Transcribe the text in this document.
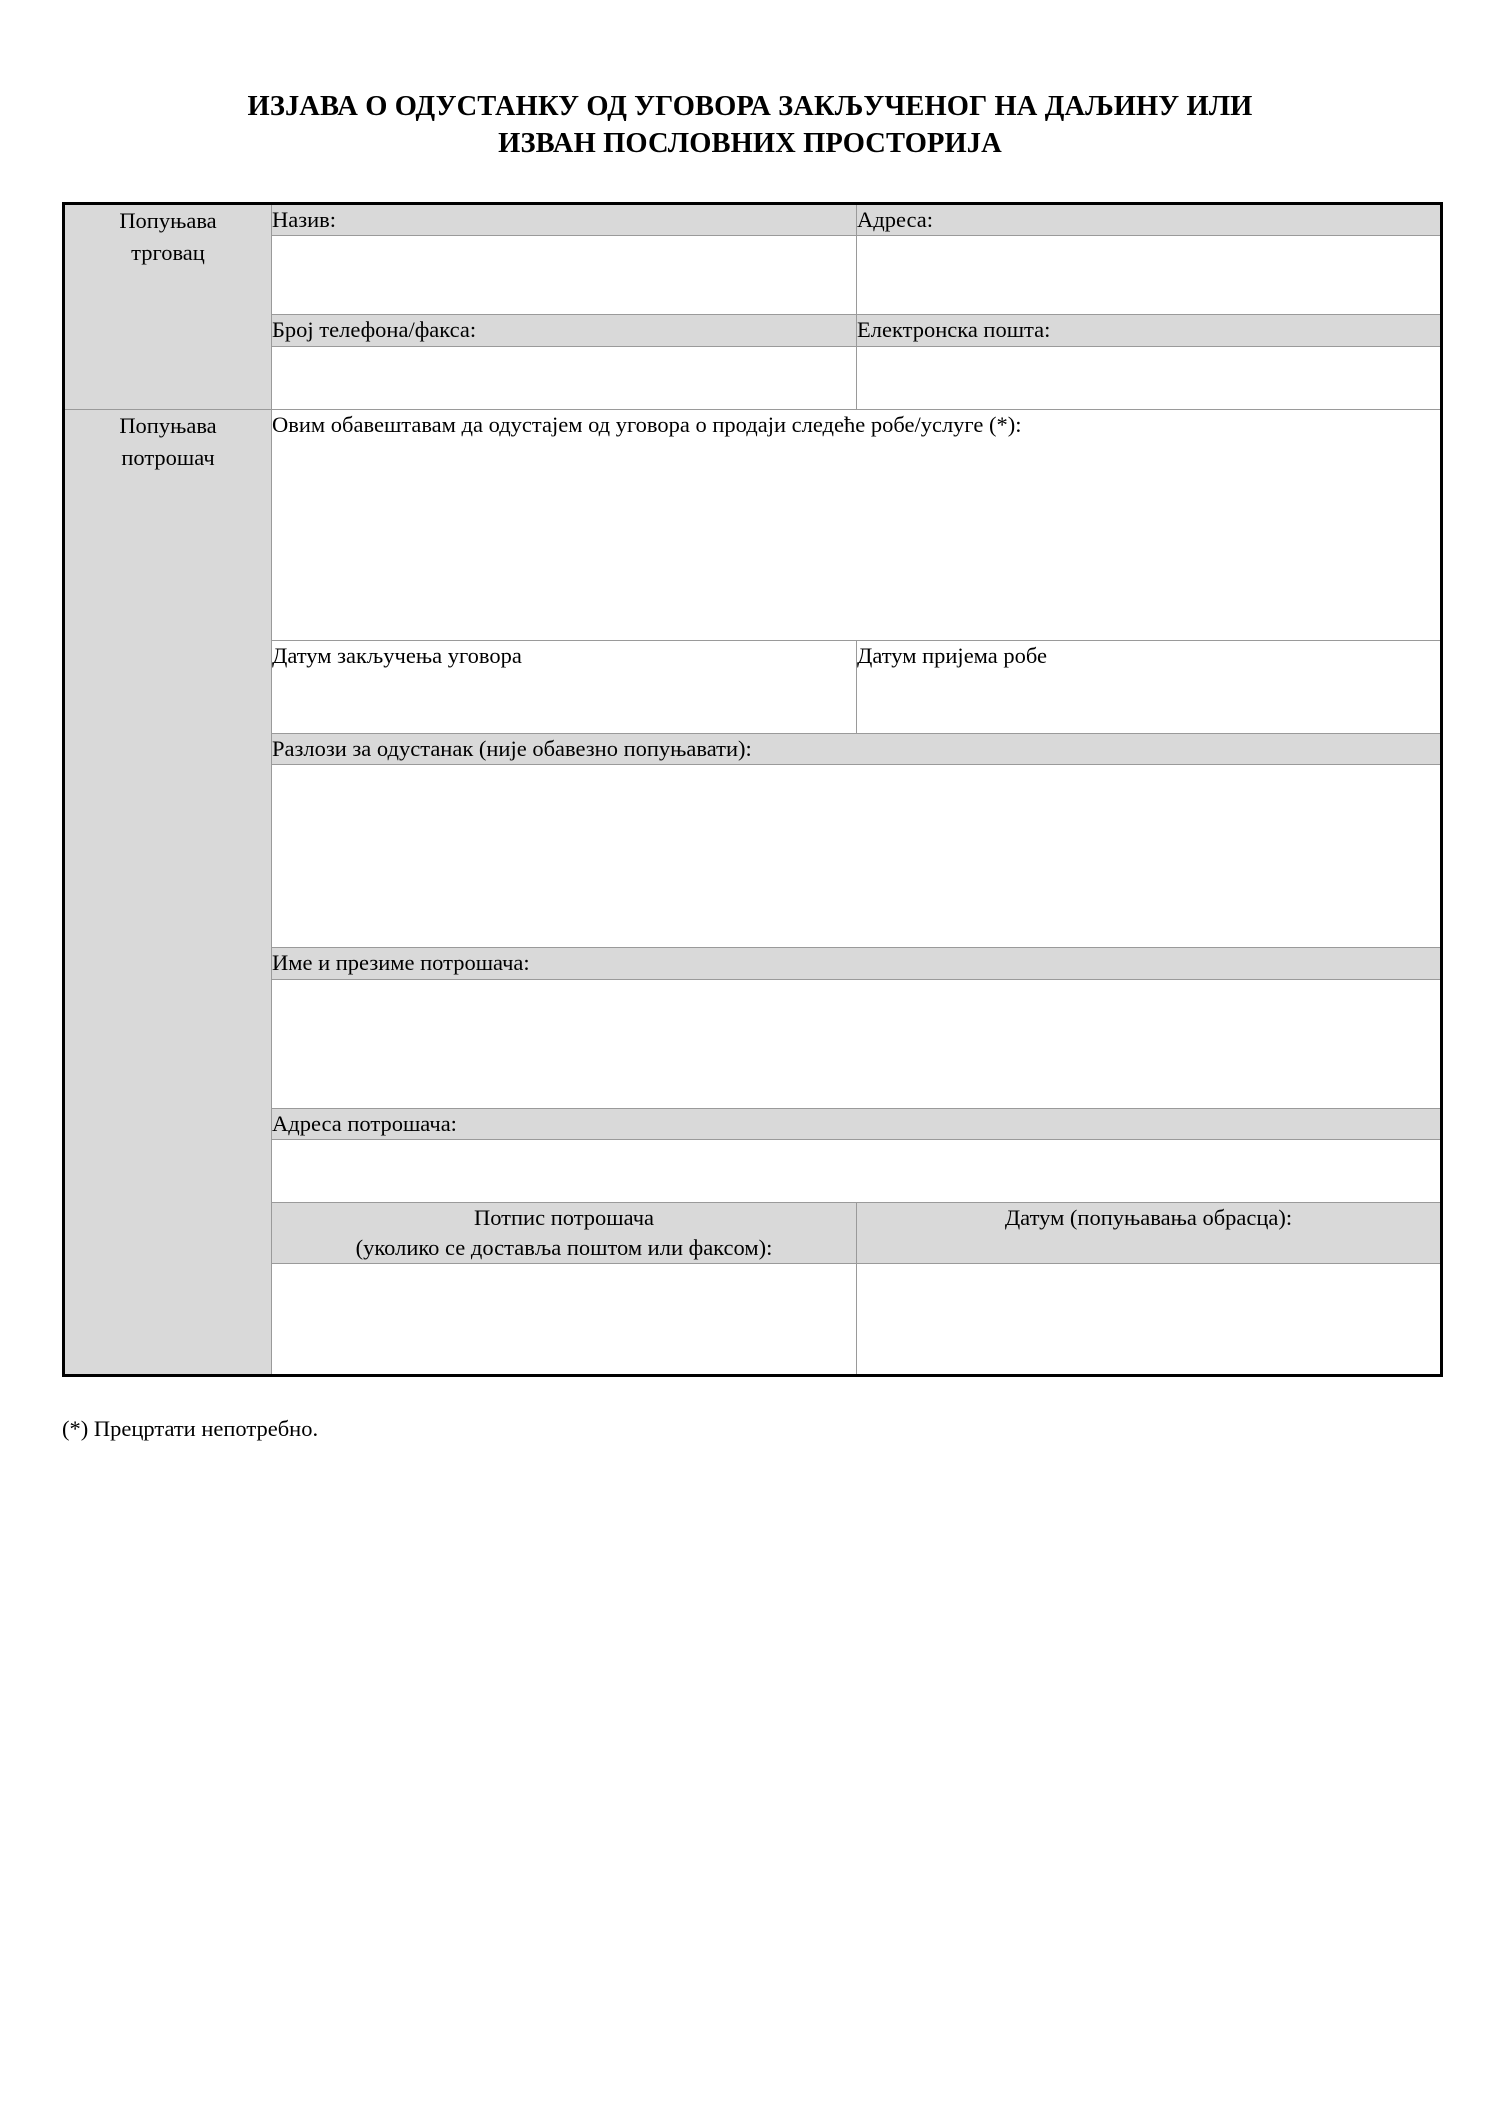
ИЗЈАВА О ОДУСТАНКУ ОД УГОВОРА ЗАКЉУЧЕНОГ НА ДАЉИНУ ИЛИ
ИЗВАН ПОСЛОВНИХ ПРОСТОРИЈА
Попуњава
трговац	Назив:	Адреса:

	Број телефона/факса:	Електронска пошта:

Попуњава
потрошач	Овим обавештавам да одустајем од уговора о продаји следеће робе/услуге (*):	
	Датум закључења уговора	Датум пријема робе
	Разлози за одустанак (није обавезно попуњавати):	

	Име и презиме потрошача:	

	Адреса потрошача:	

	Потпис потрошача
(уколико се доставља поштом или факсом):	Датум (попуњавања обрасца):

(*) Прецртати непотребно.
